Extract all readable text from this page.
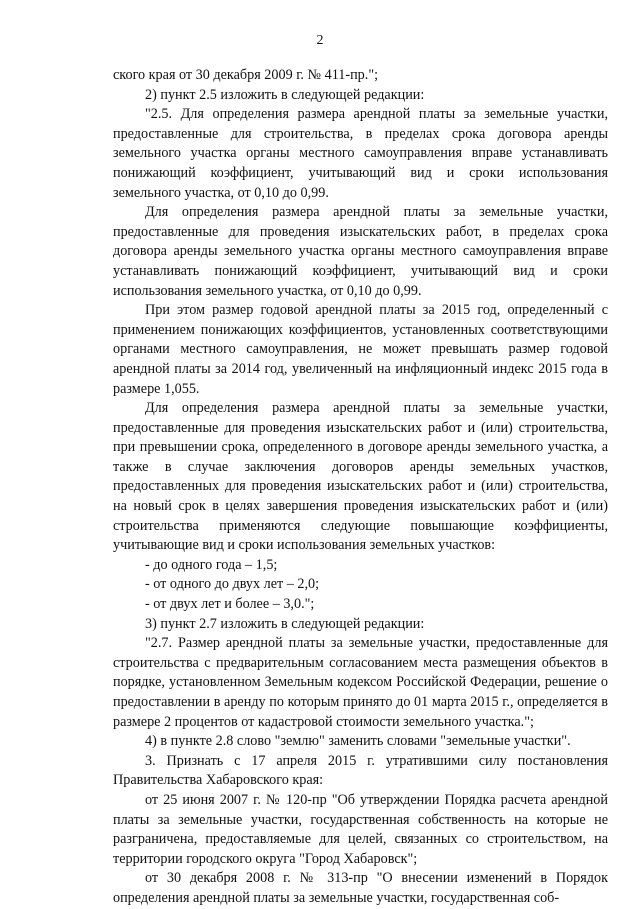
2

ского края от 30 декабря 2009 г. № 411-пр.";

2) пункт 2.5 изложить в следующей редакции:

"2.5. Для определения размера арендной платы за земельные участки, предоставленные для строительства, в пределах срока договора аренды земельного участка органы местного самоуправления вправе устанавливать понижающий коэффициент, учитывающий вид и сроки использования земельного участка, от 0,10 до 0,99.

Для определения размера арендной платы за земельные участки, предоставленные для проведения изыскательских работ, в пределах срока договора аренды земельного участка органы местного самоуправления вправе устанавливать понижающий коэффициент, учитывающий вид и сроки использования земельного участка, от 0,10 до 0,99.

При этом размер годовой арендной платы за 2015 год, определенный с применением понижающих коэффициентов, установленных соответствующими органами местного самоуправления, не может превышать размер годовой арендной платы за 2014 год, увеличенный на инфляционный индекс 2015 года в размере 1,055.

Для определения размера арендной платы за земельные участки, предоставленные для проведения изыскательских работ и (или) строительства, при превышении срока, определенного в договоре аренды земельного участка, а также в случае заключения договоров аренды земельных участков, предоставленных для проведения изыскательских работ и (или) строительства, на новый срок в целях завершения проведения изыскательских работ и (или) строительства применяются следующие повышающие коэффициенты, учитывающие вид и сроки использования земельных участков:

- до одного года – 1,5;

- от одного до двух лет – 2,0;

- от двух лет и более – 3,0.";

3) пункт 2.7 изложить в следующей редакции:

"2.7. Размер арендной платы за земельные участки, предоставленные для строительства с предварительным согласованием места размещения объектов в порядке, установленном Земельным кодексом Российской Федерации, решение о предоставлении в аренду по которым принято до 01 марта 2015 г., определяется в размере 2 процентов от кадастровой стоимости земельного участка.";

4) в пункте 2.8 слово "землю" заменить словами "земельные участки".

3. Признать с 17 апреля 2015 г. утратившими силу постановления Правительства Хабаровского края:

от 25 июня 2007 г. № 120-пр "Об утверждении Порядка расчета арендной платы за земельные участки, государственная собственность на которые не разграничена, предоставляемые для целей, связанных со строительством, на территории городского округа "Город Хабаровск";

от 30 декабря 2008 г. № 313-пр "О внесении изменений в Порядок определения арендной платы за земельные участки, государственная соб-
